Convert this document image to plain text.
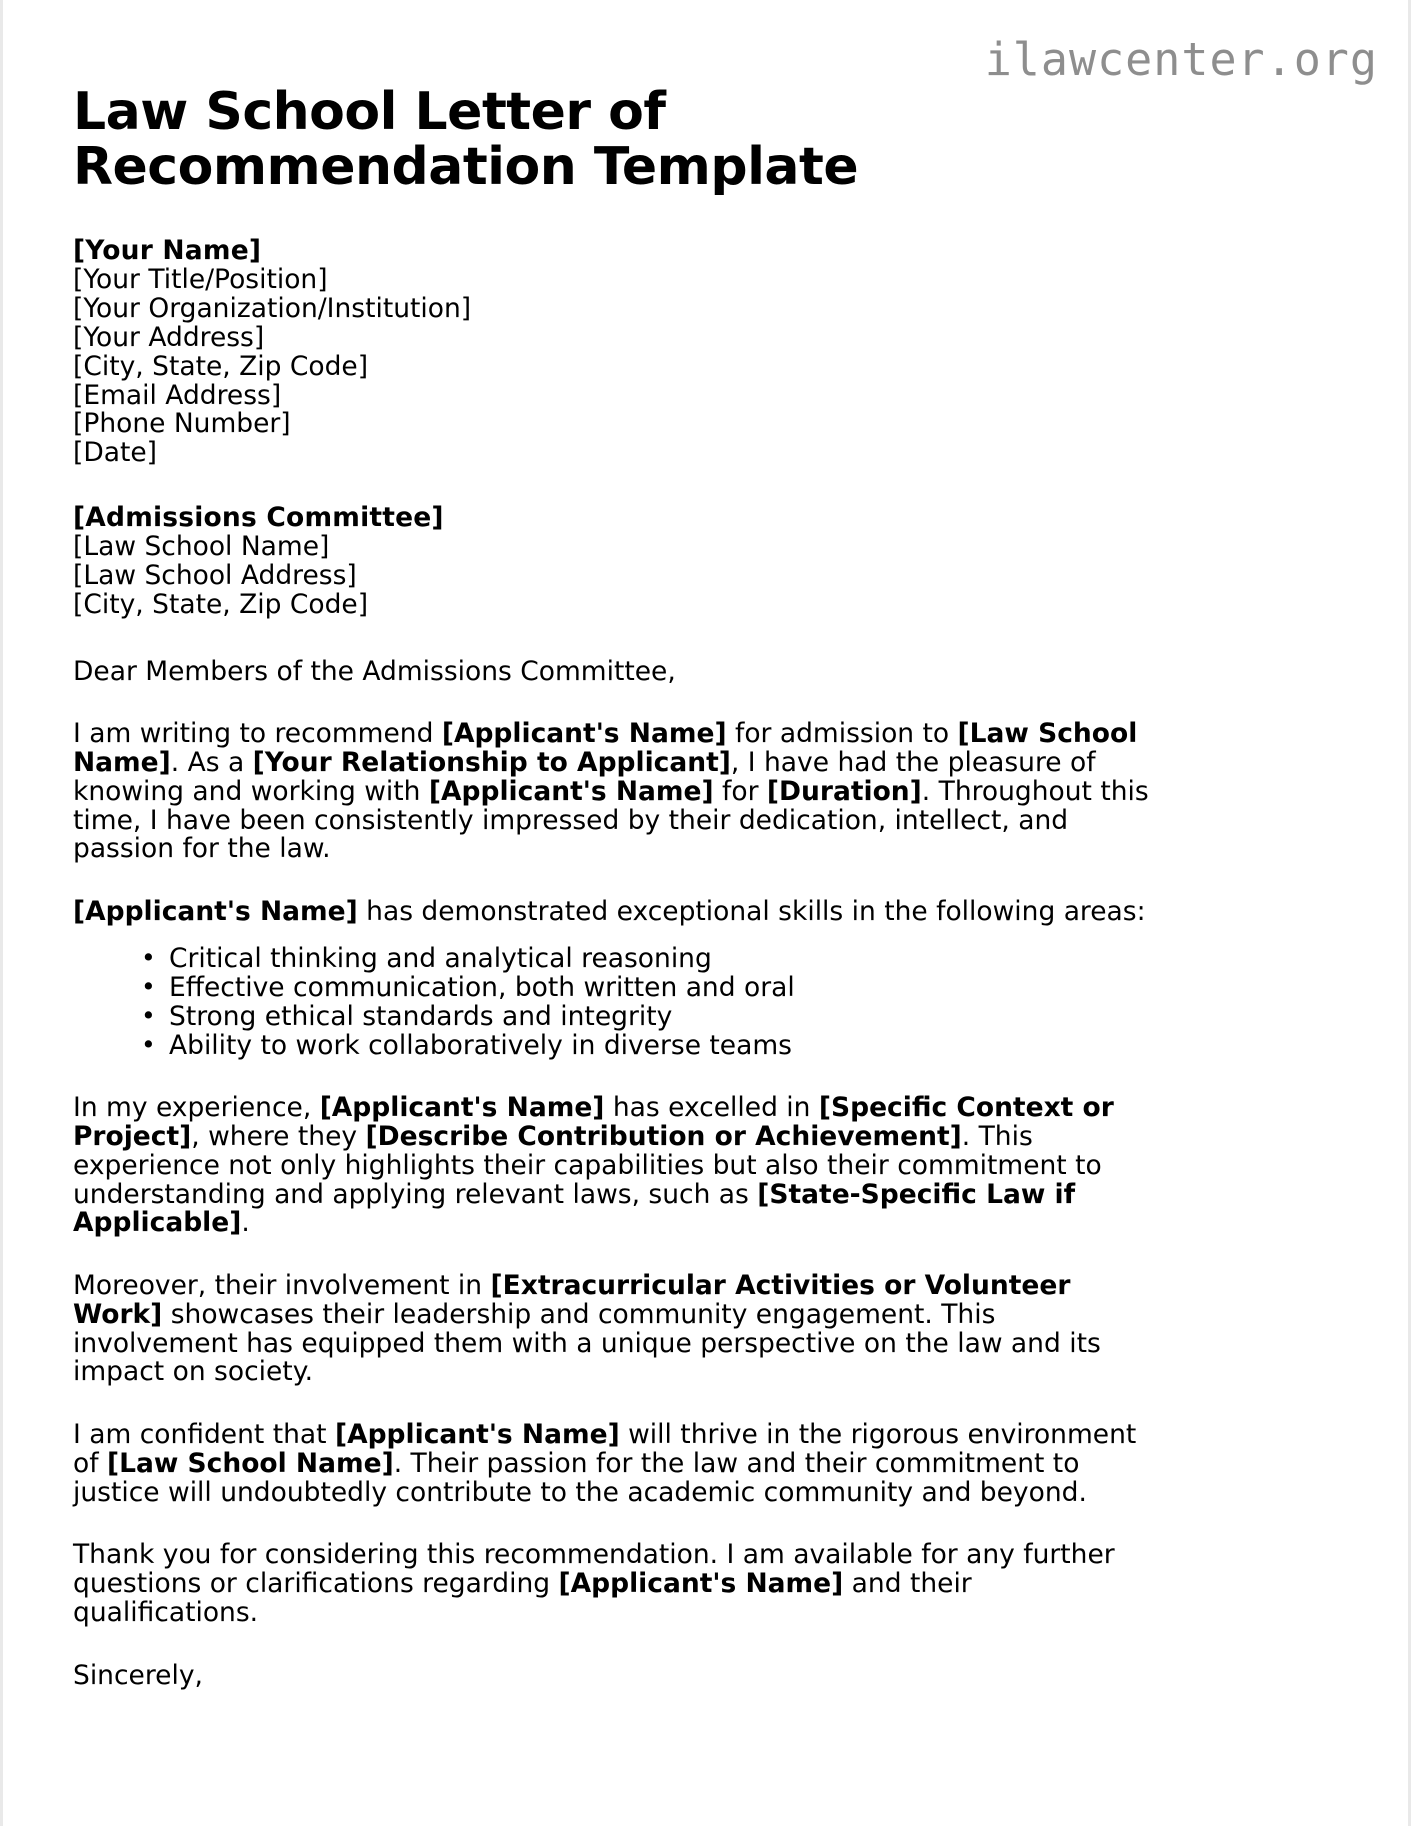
ilawcenter.org
Law School Letter of Recommendation Template
[Your Name]
[Your Title/Position]
[Your Organization/Institution]
[Your Address]
[City, State, Zip Code]
[Email Address]
[Phone Number]
[Date]
[Admissions Committee]
[Law School Name]
[Law School Address]
[City, State, Zip Code]

Dear Members of the Admissions Committee,

I am writing to recommend [Applicant's Name] for admission to [Law School Name]. As a [Your Relationship to Applicant], I have had the pleasure of knowing and working with [Applicant's Name] for [Duration]. Throughout this time, I have been consistently impressed by their dedication, intellect, and passion for the law.

[Applicant's Name] has demonstrated exceptional skills in the following areas:

• Critical thinking and analytical reasoning
• Effective communication, both written and oral
• Strong ethical standards and integrity
• Ability to work collaboratively in diverse teams

In my experience, [Applicant's Name] has excelled in [Specific Context or Project], where they [Describe Contribution or Achievement]. This experience not only highlights their capabilities but also their commitment to understanding and applying relevant laws, such as [State-Specific Law if Applicable].

Moreover, their involvement in [Extracurricular Activities or Volunteer Work] showcases their leadership and community engagement. This involvement has equipped them with a unique perspective on the law and its impact on society.

I am confident that [Applicant's Name] will thrive in the rigorous environment of [Law School Name]. Their passion for the law and their commitment to justice will undoubtedly contribute to the academic community and beyond.

Thank you for considering this recommendation. I am available for any further questions or clarifications regarding [Applicant's Name] and their qualifications.

Sincerely,
